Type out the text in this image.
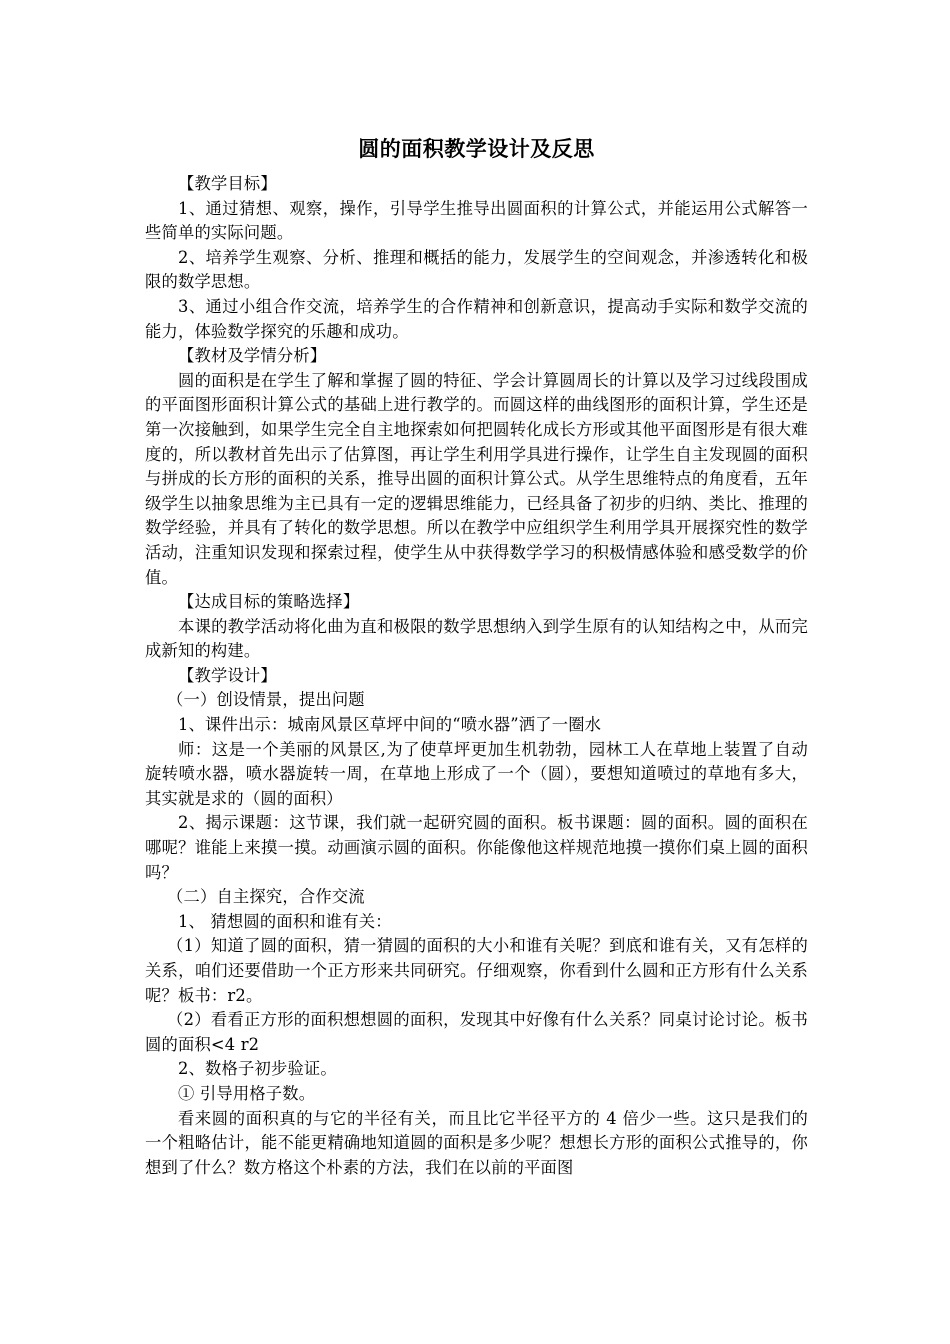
圆的面积教学设计及反思

【教学目标】

1、通过猜想、观察，操作，引导学生推导出圆面积的计算公式，并能运用公式解答一些简单的实际问题。

2、培养学生观察、分析、推理和概括的能力，发展学生的空间观念，并渗透转化和极限的数学思想。

3、通过小组合作交流，培养学生的合作精神和创新意识，提高动手实际和数学交流的能力，体验数学探究的乐趣和成功。

【教材及学情分析】

圆的面积是在学生了解和掌握了圆的特征、学会计算圆周长的计算以及学习过线段围成的平面图形面积计算公式的基础上进行教学的。而圆这样的曲线图形的面积计算，学生还是第一次接触到，如果学生完全自主地探索如何把圆转化成长方形或其他平面图形是有很大难度的，所以教材首先出示了估算图，再让学生利用学具进行操作，让学生自主发现圆的面积与拼成的长方形的面积的关系，推导出圆的面积计算公式。从学生思维特点的角度看，五年级学生以抽象思维为主已具有一定的逻辑思维能力，已经具备了初步的归纳、类比、推理的数学经验，并具有了转化的数学思想。所以在教学中应组织学生利用学具开展探究性的数学活动，注重知识发现和探索过程，使学生从中获得数学学习的积极情感体验和感受数学的价值。

【达成目标的策略选择】

本课的教学活动将化曲为直和极限的数学思想纳入到学生原有的认知结构之中，从而完成新知的构建。

【教学设计】

（一）创设情景，提出问题

1、课件出示：城南风景区草坪中间的“喷水器”洒了一圈水

师：这是一个美丽的风景区,为了使草坪更加生机勃勃，园林工人在草地上装置了自动旋转喷水器，喷水器旋转一周，在草地上形成了一个（圆），要想知道喷过的草地有多大，其实就是求的（圆的面积）

2、揭示课题：这节课，我们就一起研究圆的面积。板书课题：圆的面积。圆的面积在哪呢？谁能上来摸一摸。动画演示圆的面积。你能像他这样规范地摸一摸你们桌上圆的面积吗？

（二）自主探究，合作交流

1、 猜想圆的面积和谁有关：

（1）知道了圆的面积，猜一猜圆的面积的大小和谁有关呢？到底和谁有关，又有怎样的关系，咱们还要借助一个正方形来共同研究。仔细观察，你看到什么圆和正方形有什么关系呢？板书：r2。

（2）看看正方形的面积想想圆的面积，发现其中好像有什么关系？同桌讨论讨论。板书圆的面积<4 r2

2、数格子初步验证。

① 引导用格子数。

看来圆的面积真的与它的半径有关，而且比它半径平方的 4 倍少一些。这只是我们的一个粗略估计，能不能更精确地知道圆的面积是多少呢？想想长方形的面积公式推导的，你想到了什么？数方格这个朴素的方法，我们在以前的平面图
